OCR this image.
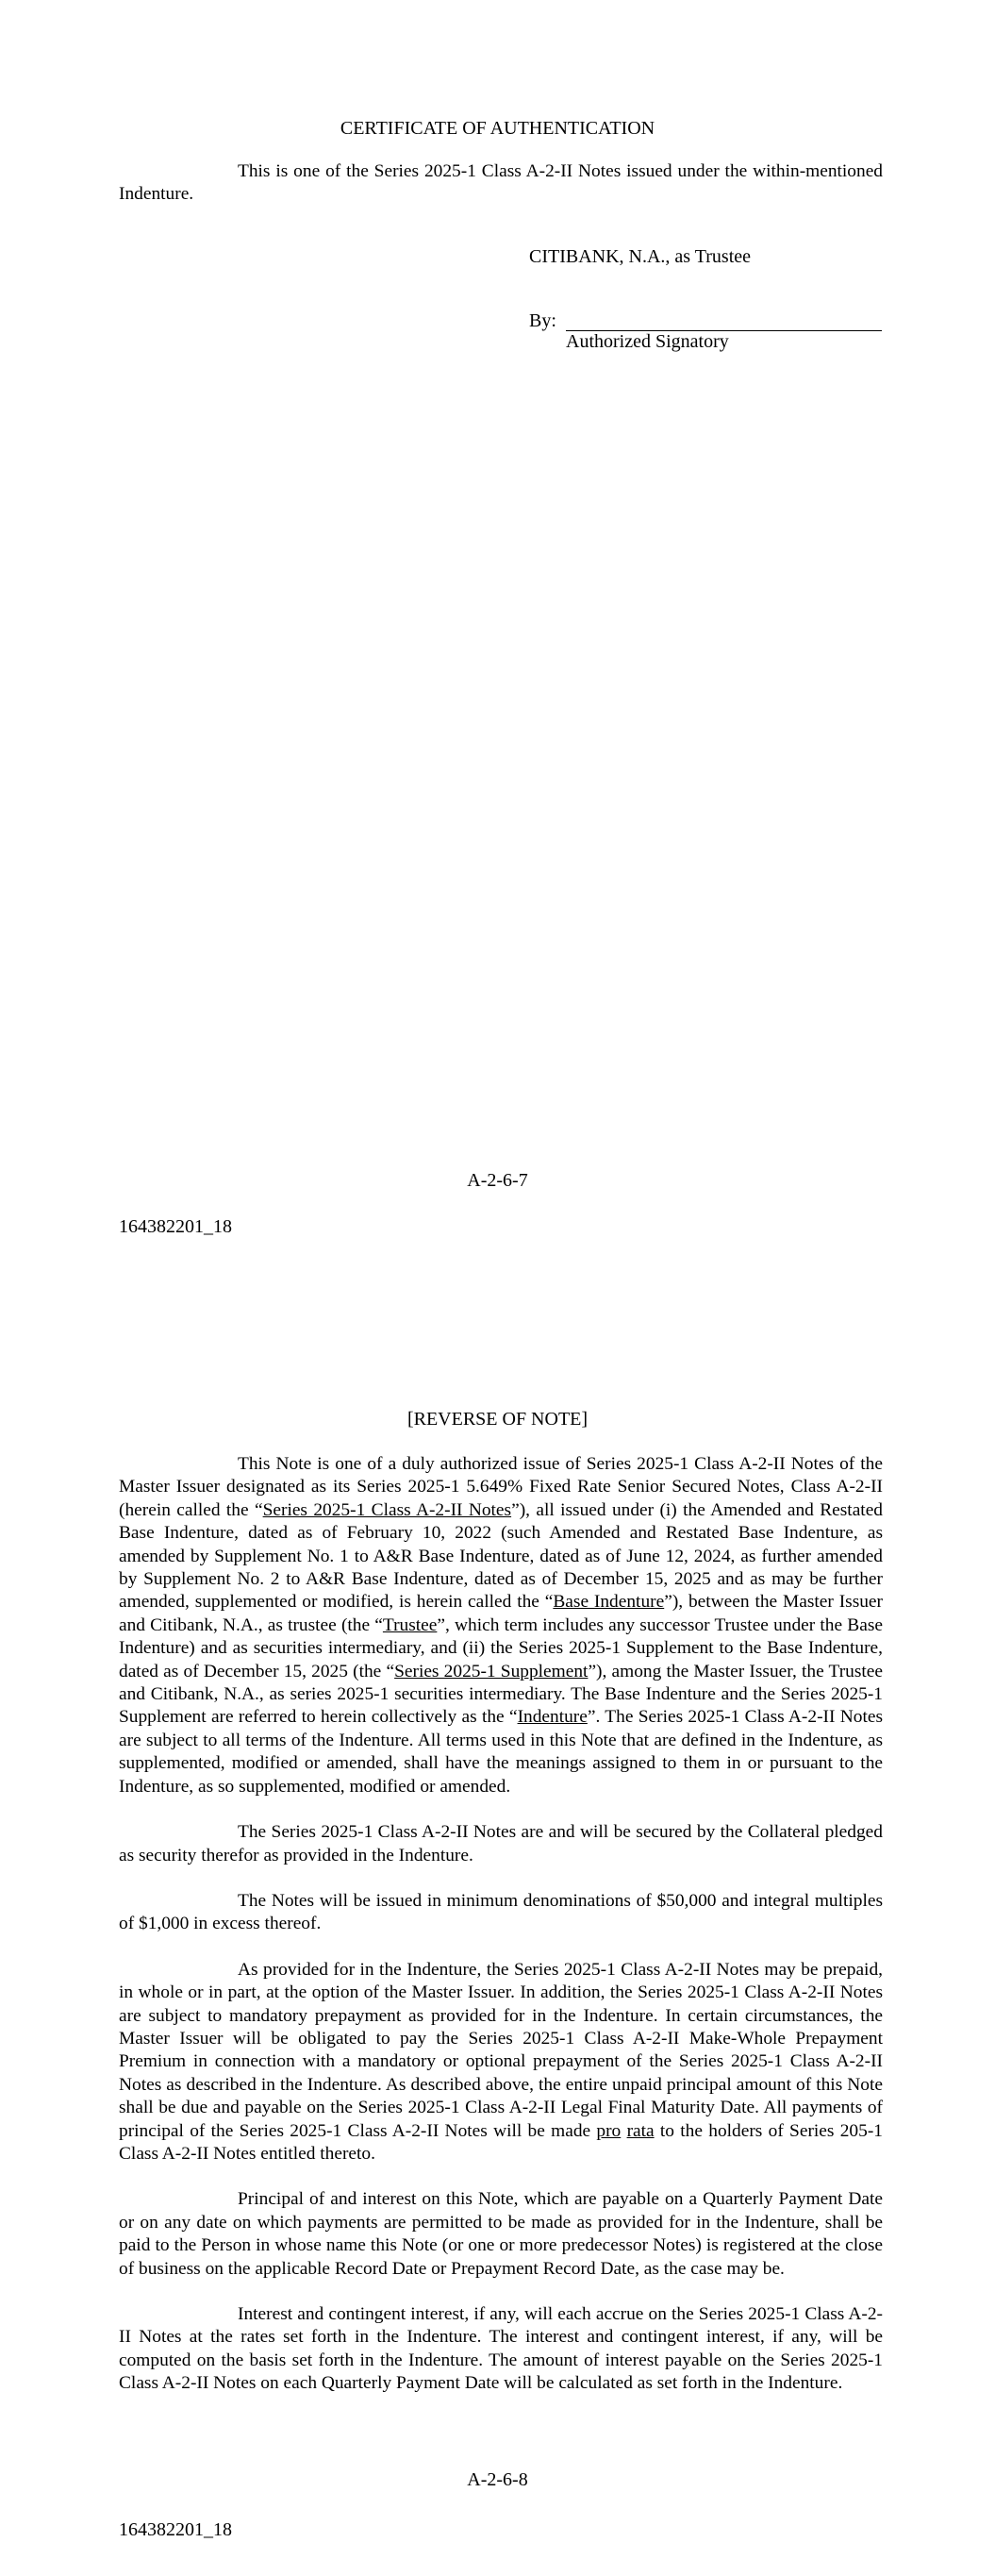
CERTIFICATE OF AUTHENTICATION

This is one of the Series 2025-1 Class A-2-II Notes issued under the within-mentioned Indenture.

CITIBANK, N.A., as Trustee
By:
Authorized Signatory
A-2-6-7
164382201_18
[REVERSE OF NOTE]

This Note is one of a duly authorized issue of Series 2025-1 Class A-2-II Notes of the Master Issuer designated as its Series 2025-1 5.649% Fixed Rate Senior Secured Notes, Class A-2-II (herein called the “Series 2025-1 Class A-2-II Notes”), all issued under (i) the Amended and Restated Base Indenture, dated as of February 10, 2022 (such Amended and Restated Base Indenture, as amended by Supplement No. 1 to A&R Base Indenture, dated as of June 12, 2024, as further amended by Supplement No. 2 to A&R Base Indenture, dated as of December 15, 2025 and as may be further amended, supplemented or modified, is herein called the “Base Indenture”), between the Master Issuer and Citibank, N.A., as trustee (the “Trustee”, which term includes any successor Trustee under the Base Indenture) and as securities intermediary, and (ii) the Series 2025-1 Supplement to the Base Indenture, dated as of December 15, 2025 (the “Series 2025-1 Supplement”), among the Master Issuer, the Trustee and Citibank, N.A., as series 2025-1 securities intermediary. The Base Indenture and the Series 2025-1 Supplement are referred to herein collectively as the “Indenture”. The Series 2025-1 Class A-2-II Notes are subject to all terms of the Indenture. All terms used in this Note that are defined in the Indenture, as supplemented, modified or amended, shall have the meanings assigned to them in or pursuant to the Indenture, as so supplemented, modified or amended.

The Series 2025-1 Class A-2-II Notes are and will be secured by the Collateral pledged as security therefor as provided in the Indenture.

The Notes will be issued in minimum denominations of $50,000 and integral multiples of $1,000 in excess thereof.

As provided for in the Indenture, the Series 2025-1 Class A-2-II Notes may be prepaid, in whole or in part, at the option of the Master Issuer. In addition, the Series 2025-1 Class A-2-II Notes are subject to mandatory prepayment as provided for in the Indenture. In certain circumstances, the Master Issuer will be obligated to pay the Series 2025-1 Class A-2-II Make-Whole Prepayment Premium in connection with a mandatory or optional prepayment of the Series 2025-1 Class A-2-II Notes as described in the Indenture. As described above, the entire unpaid principal amount of this Note shall be due and payable on the Series 2025-1 Class A-2-II Legal Final Maturity Date. All payments of principal of the Series 2025-1 Class A-2-II Notes will be made pro rata to the holders of Series 205-1 Class A-2-II Notes entitled thereto.

Principal of and interest on this Note, which are payable on a Quarterly Payment Date or on any date on which payments are permitted to be made as provided for in the Indenture, shall be paid to the Person in whose name this Note (or one or more predecessor Notes) is registered at the close of business on the applicable Record Date or Prepayment Record Date, as the case may be.

Interest and contingent interest, if any, will each accrue on the Series 2025-1 Class A-2-II Notes at the rates set forth in the Indenture. The interest and contingent interest, if any, will be computed on the basis set forth in the Indenture. The amount of interest payable on the Series 2025-1 Class A-2-II Notes on each Quarterly Payment Date will be calculated as set forth in the Indenture.

A-2-6-8
164382201_18
